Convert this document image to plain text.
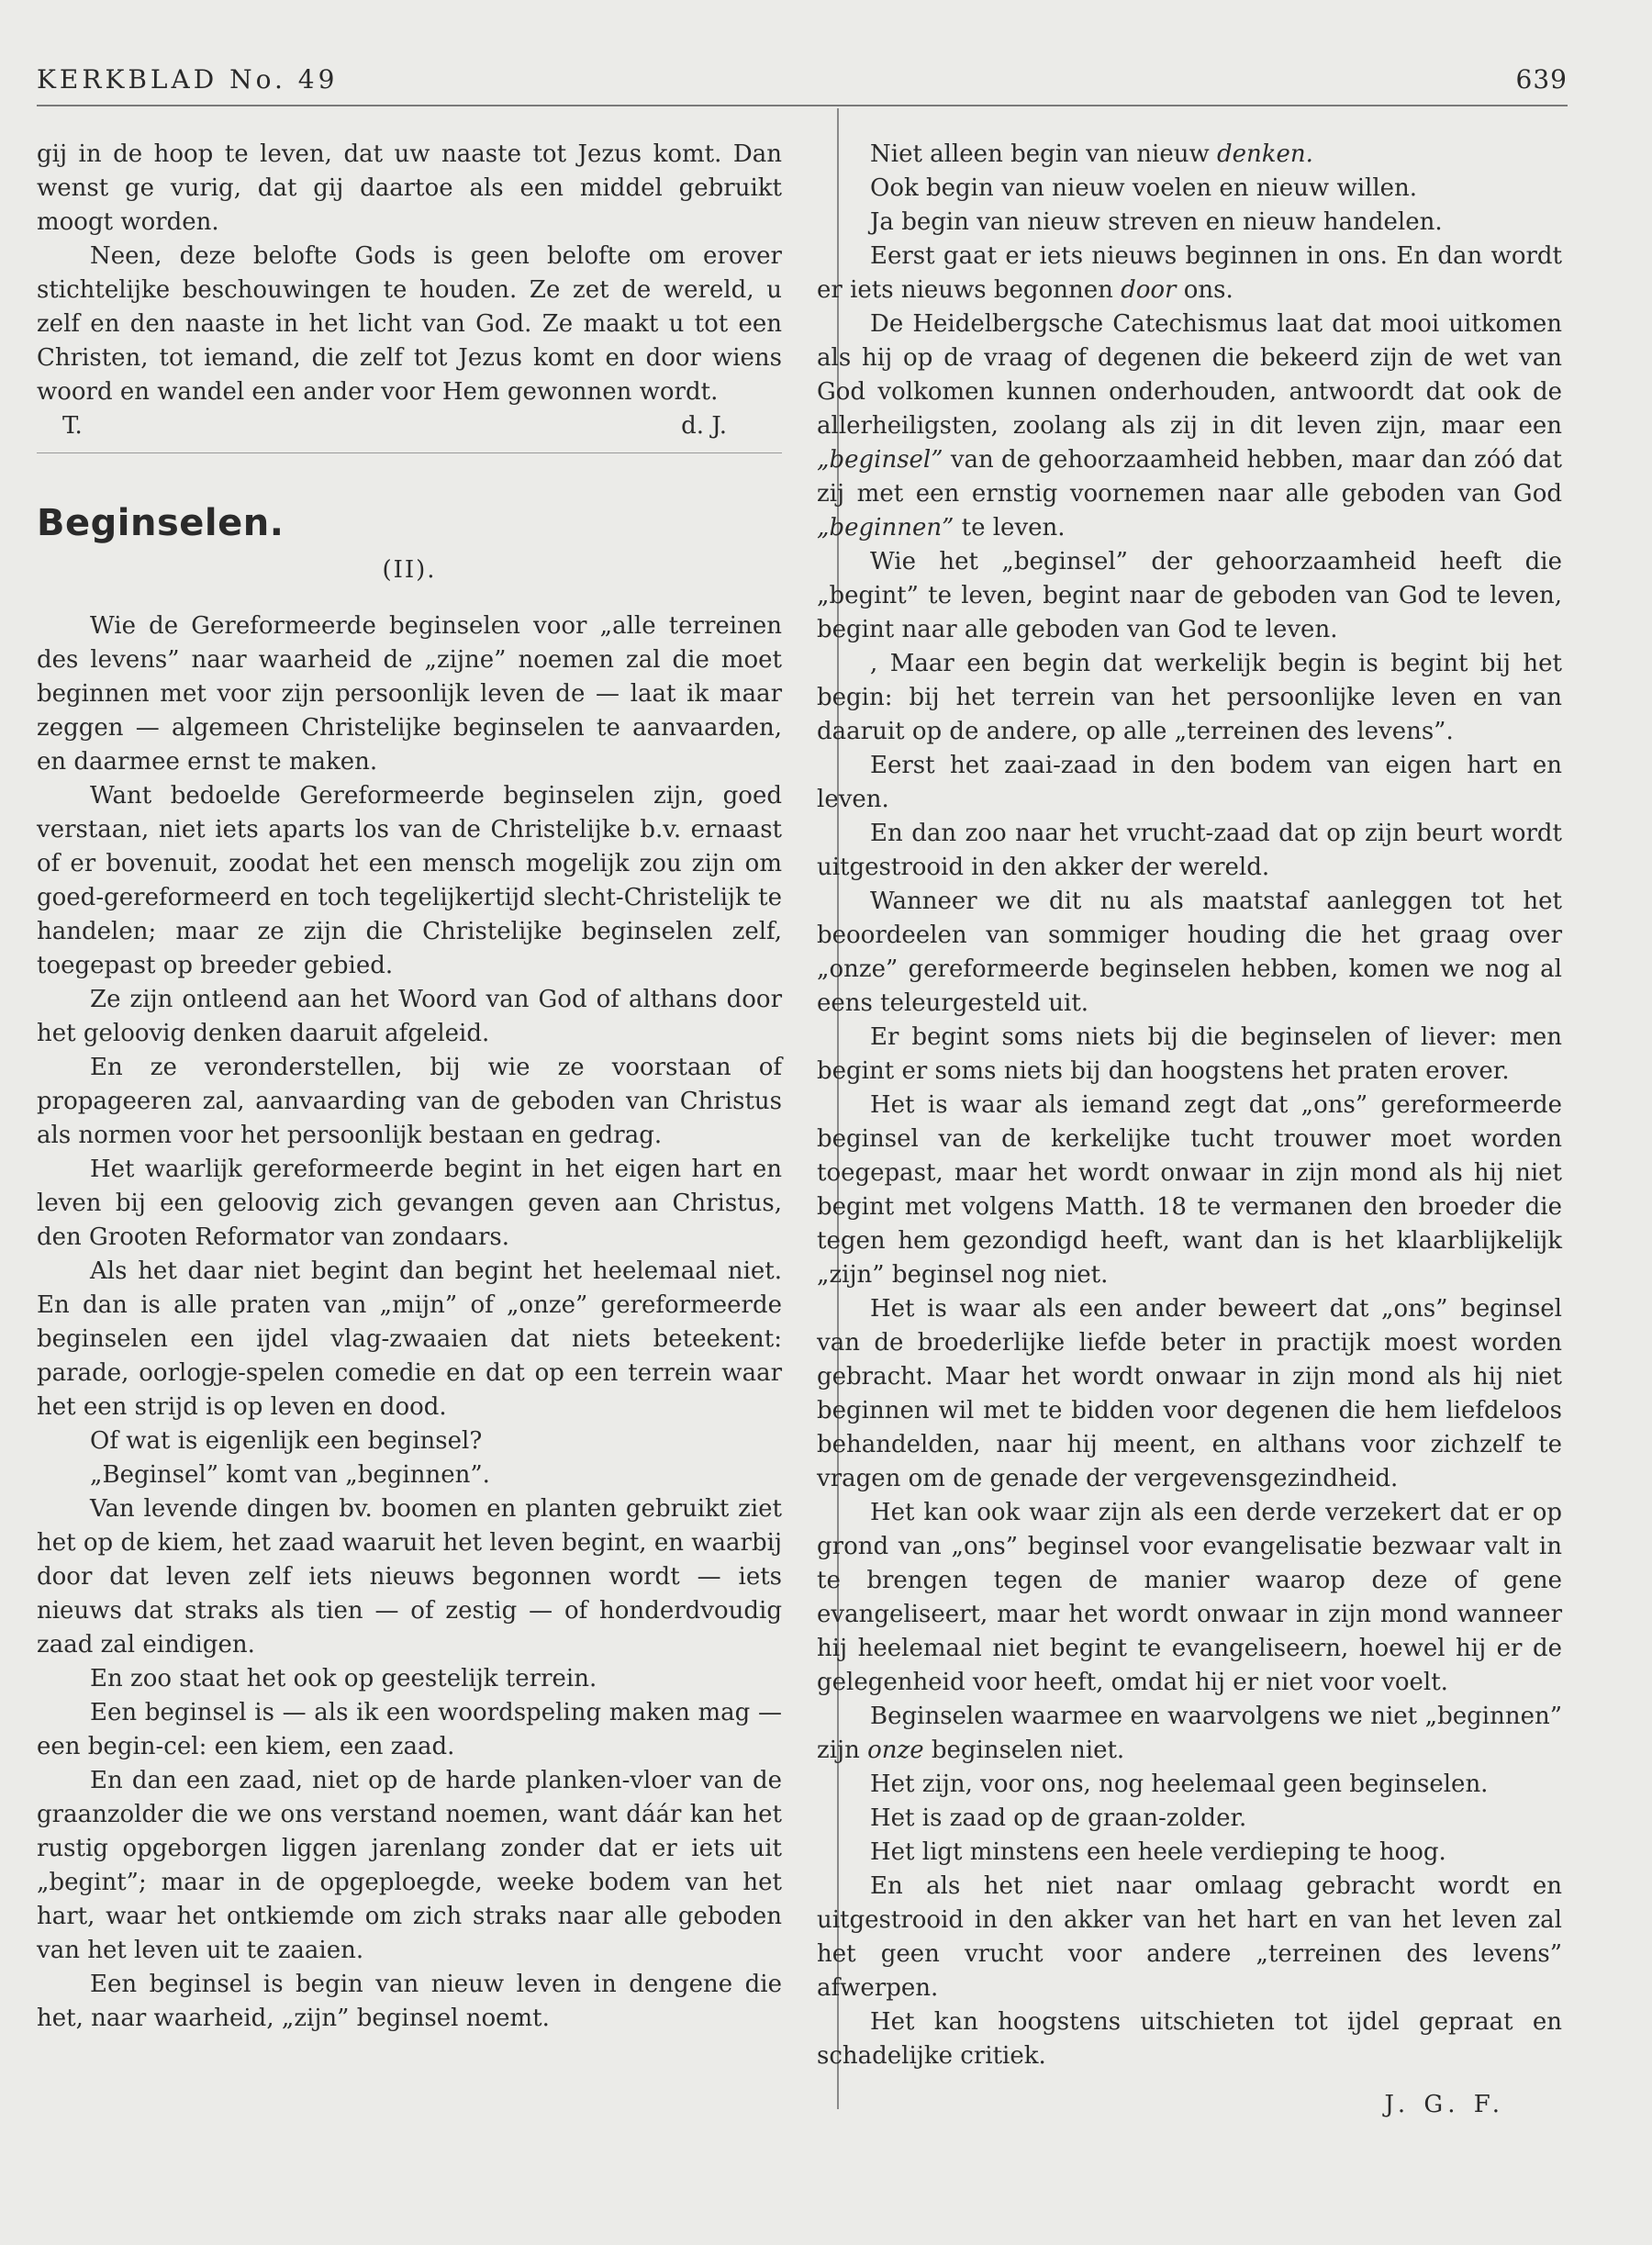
KERKBLAD No. 49	639

gij in de hoop te leven, dat uw naaste tot Jezus komt. Dan wenst ge vurig, dat gij daartoe als een middel gebruikt moogt worden.

Neen, deze belofte Gods is geen belofte om erover stichtelijke beschouwingen te houden. Ze zet de wereld, u zelf en den naaste in het licht van God. Ze maakt u tot een Christen, tot iemand, die zelf tot Jezus komt en door wiens woord en wandel een ander voor Hem gewonnen wordt.

T.	d. J.
Beginselen.
(II).

Wie de Gereformeerde beginselen voor „alle terreinen des levens” naar waarheid de „zijne” noemen zal die moet beginnen met voor zijn persoonlijk leven de — laat ik maar zeggen — algemeen Christelijke beginselen te aanvaarden, en daarmee ernst te maken.

Want bedoelde Gereformeerde beginselen zijn, goed verstaan, niet iets aparts los van de Christelijke b.v. ernaast of er bovenuit, zoodat het een mensch mogelijk zou zijn om goed-gereformeerd en toch tegelijkertijd slecht-Christelijk te handelen; maar ze zijn die Christelijke beginselen zelf, toegepast op breeder gebied.

Ze zijn ontleend aan het Woord van God of althans door het geloovig denken daaruit afgeleid.

En ze veronderstellen, bij wie ze voorstaan of propageeren zal, aanvaarding van de geboden van Christus als normen voor het persoonlijk bestaan en gedrag.

Het waarlijk gereformeerde begint in het eigen hart en leven bij een geloovig zich gevangen geven aan Christus, den Grooten Reformator van zondaars.

Als het daar niet begint dan begint het heelemaal niet. En dan is alle praten van „mijn” of „onze” gereformeerde beginselen een ijdel vlag-zwaaien dat niets beteekent: parade, oorlogje-spelen comedie en dat op een terrein waar het een strijd is op leven en dood.

Of wat is eigenlijk een beginsel?

„Beginsel” komt van „beginnen”.

Van levende dingen bv. boomen en planten gebruikt ziet het op de kiem, het zaad waaruit het leven begint, en waarbij door dat leven zelf iets nieuws begonnen wordt — iets nieuws dat straks als tien — of zestig — of honderdvoudig zaad zal eindigen.

En zoo staat het ook op geestelijk terrein.

Een beginsel is — als ik een woordspeling maken mag — een begin-cel: een kiem, een zaad.

En dan een zaad, niet op de harde planken-vloer van de graanzolder die we ons verstand noemen, want dáár kan het rustig opgeborgen liggen jarenlang zonder dat er iets uit „begint”; maar in de opgeploegde, weeke bodem van het hart, waar het ontkiemde om zich straks naar alle geboden van het leven uit te zaaien.

Een beginsel is begin van nieuw leven in dengene die het, naar waarheid, „zijn” beginsel noemt.

Niet alleen begin van nieuw denken.

Ook begin van nieuw voelen en nieuw willen.

Ja begin van nieuw streven en nieuw handelen.

Eerst gaat er iets nieuws beginnen in ons. En dan wordt er iets nieuws begonnen door ons.

De Heidelbergsche Catechismus laat dat mooi uitkomen als hij op de vraag of degenen die bekeerd zijn de wet van God volkomen kunnen onderhouden, antwoordt dat ook de allerheiligsten, zoolang als zij in dit leven zijn, maar een „beginsel” van de gehoorzaamheid hebben, maar dan zóó dat zij met een ernstig voornemen naar alle geboden van God „beginnen” te leven.

Wie het „beginsel” der gehoorzaamheid heeft die „begint” te leven, begint naar de geboden van God te leven, begint naar alle geboden van God te leven.

, Maar een begin dat werkelijk begin is begint bij het begin: bij het terrein van het persoonlijke leven en van daaruit op de andere, op alle „terreinen des levens”.

Eerst het zaai-zaad in den bodem van eigen hart en leven.

En dan zoo naar het vrucht-zaad dat op zijn beurt wordt uitgestrooid in den akker der wereld.

Wanneer we dit nu als maatstaf aanleggen tot het beoordeelen van sommiger houding die het graag over „onze” gereformeerde beginselen hebben, komen we nog al eens teleurgesteld uit.

Er begint soms niets bij die beginselen of liever: men begint er soms niets bij dan hoogstens het praten erover.

Het is waar als iemand zegt dat „ons” gereformeerde beginsel van de kerkelijke tucht trouwer moet worden toegepast, maar het wordt onwaar in zijn mond als hij niet begint met volgens Matth. 18 te vermanen den broeder die tegen hem gezondigd heeft, want dan is het klaarblijkelijk „zijn” beginsel nog niet.

Het is waar als een ander beweert dat „ons” beginsel van de broederlijke liefde beter in practijk moest worden gebracht. Maar het wordt onwaar in zijn mond als hij niet beginnen wil met te bidden voor degenen die hem liefdeloos behandelden, naar hij meent, en althans voor zichzelf te vragen om de genade der vergevensgezindheid.

Het kan ook waar zijn als een derde verzekert dat er op grond van „ons” beginsel voor evangelisatie bezwaar valt in te brengen tegen de manier waarop deze of gene evangeliseert, maar het wordt onwaar in zijn mond wanneer hij heelemaal niet begint te evangeliseern, hoewel hij er de gelegenheid voor heeft, omdat hij er niet voor voelt.

Beginselen waarmee en waarvolgens we niet „beginnen” zijn onze beginselen niet.

Het zijn, voor ons, nog heelemaal geen beginselen.

Het is zaad op de graan-zolder.

Het ligt minstens een heele verdieping te hoog.

En als het niet naar omlaag gebracht wordt en uitgestrooid in den akker van het hart en van het leven zal het geen vrucht voor andere „terreinen des levens” afwerpen.

Het kan hoogstens uitschieten tot ijdel gepraat en schadelijke critiek.

J. G. F.
